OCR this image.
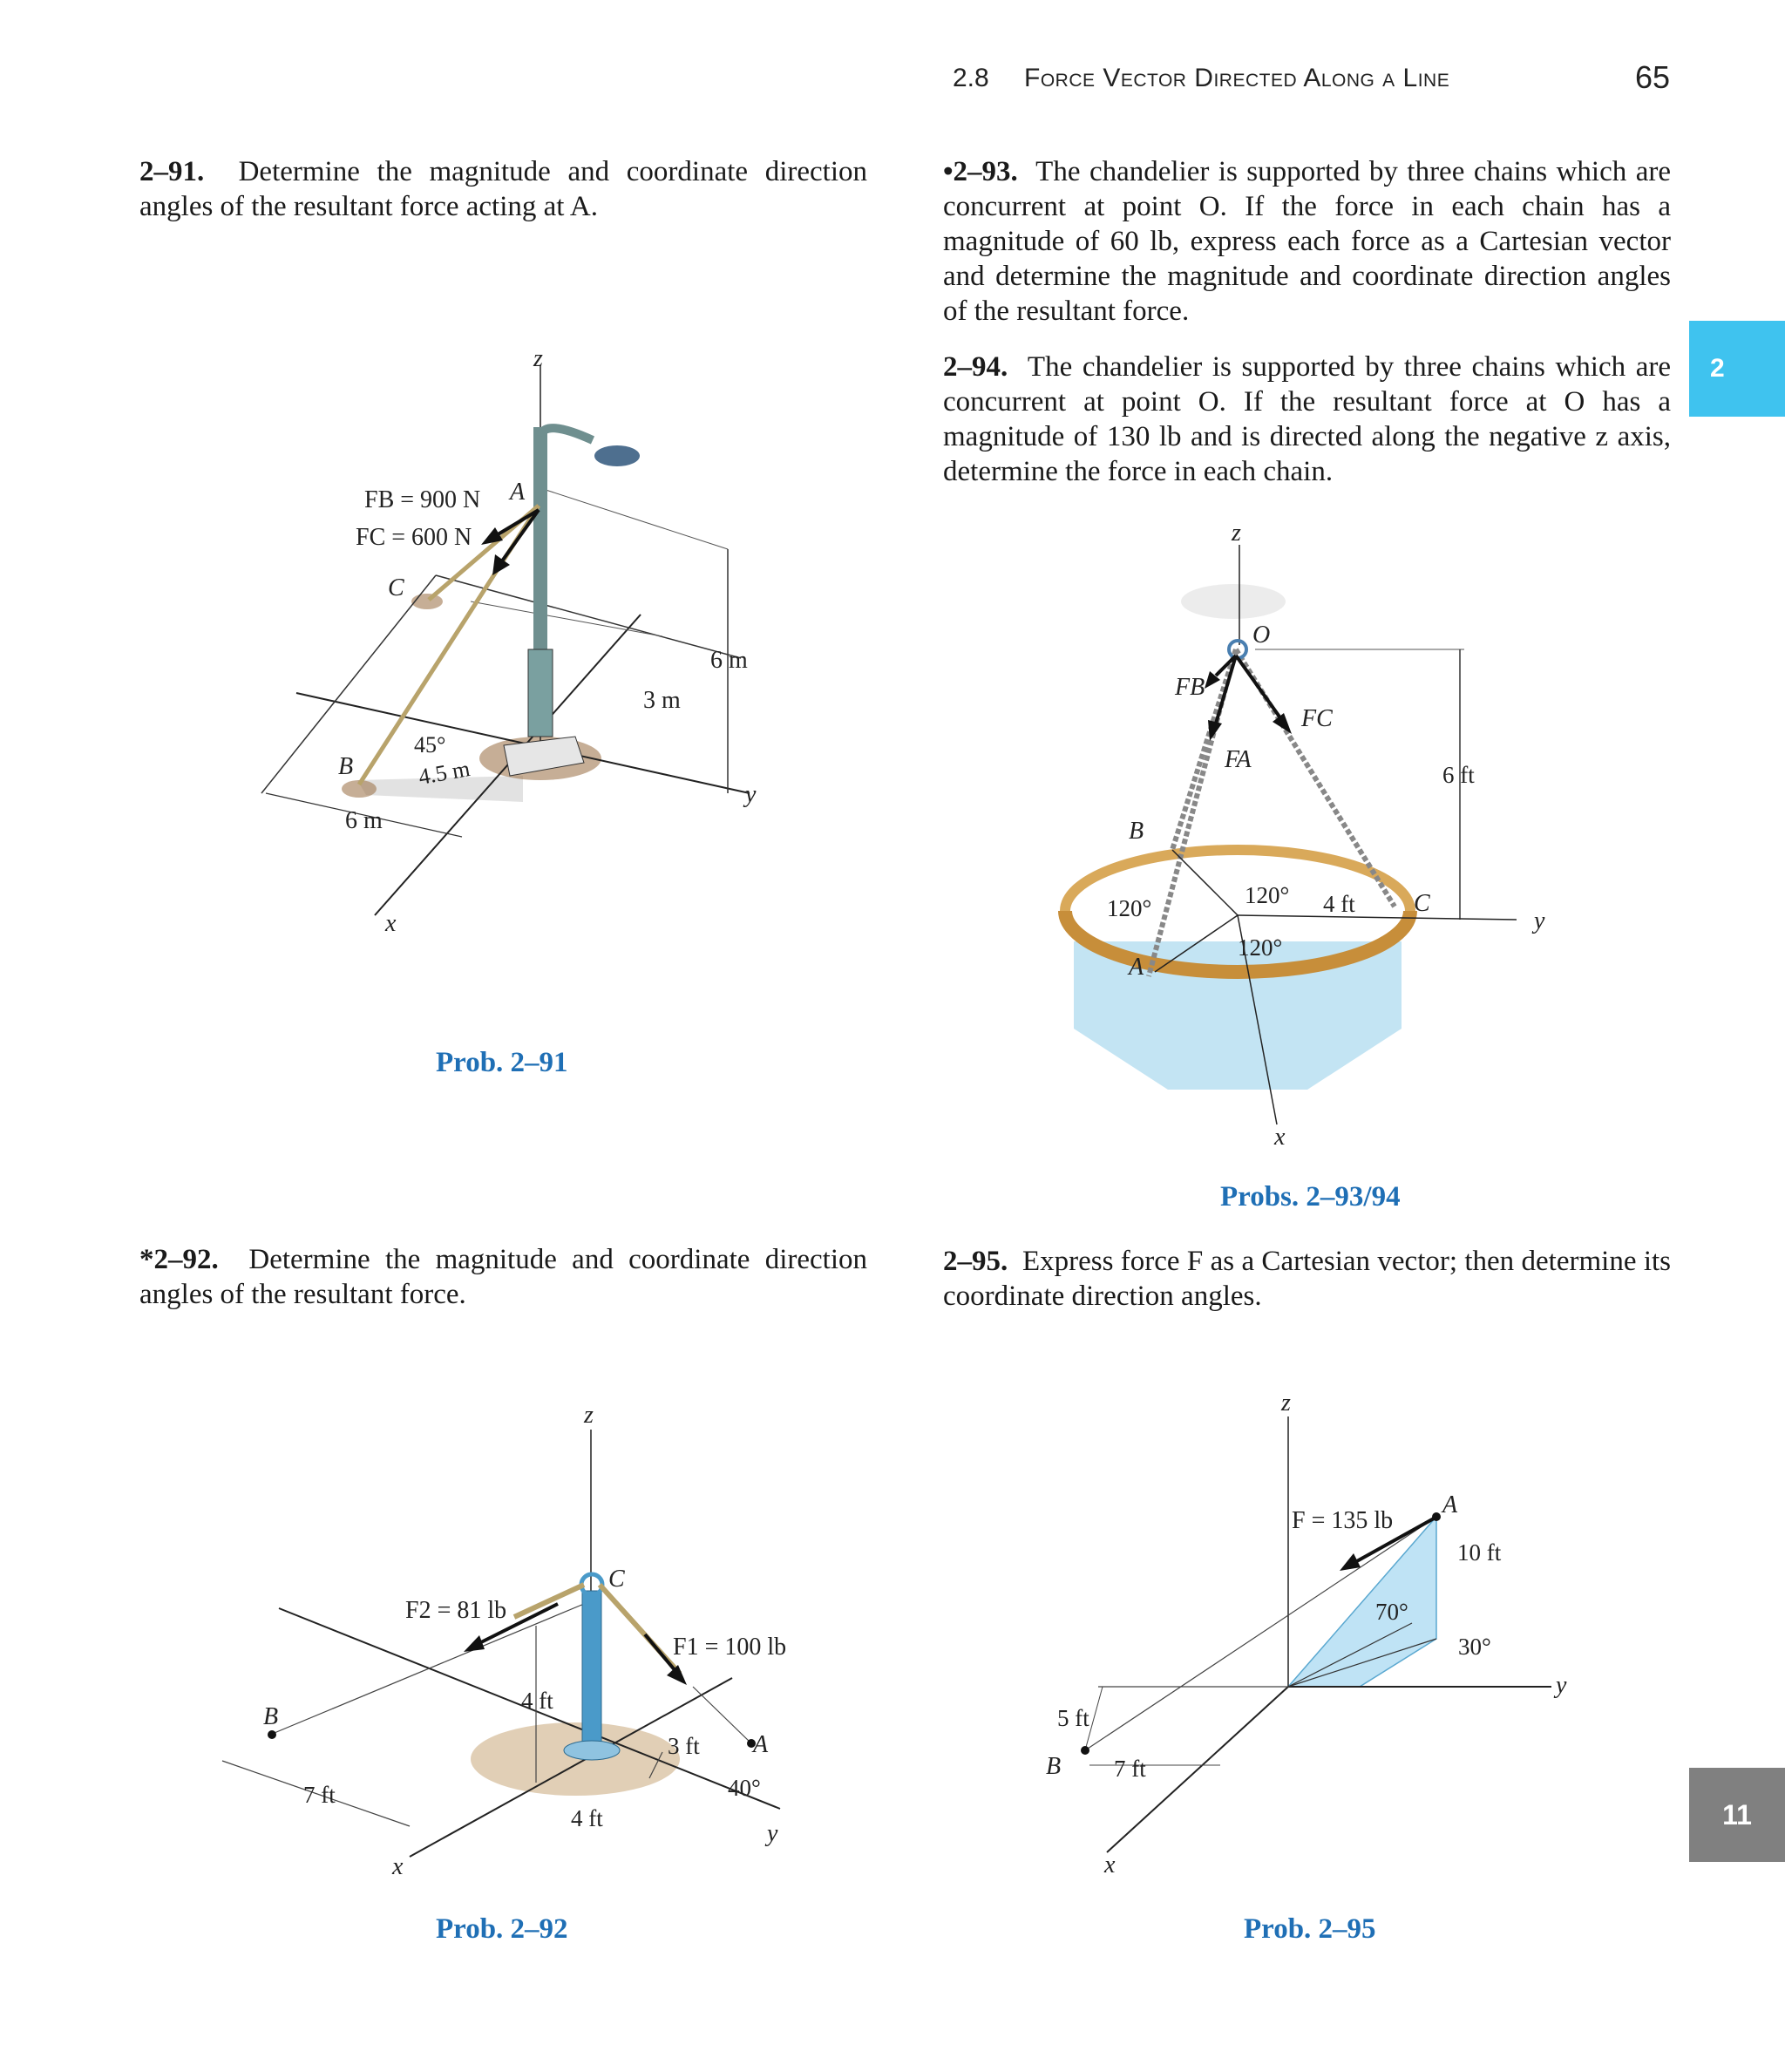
2.8 Force Vector Directed Along a Line	65
2
11
2–91. Determine the magnitude and coordinate direction angles of the resultant force acting at A.
•2–93. The chandelier is supported by three chains which are concurrent at point O. If the force in each chain has a magnitude of 60 lb, express each force as a Cartesian vector and determine the magnitude and coordinate direction angles of the resultant force.
2–94. The chandelier is supported by three chains which are concurrent at point O. If the resultant force at O has a magnitude of 130 lb and is directed along the negative z axis, determine the force in each chain.
*2–92. Determine the magnitude and coordinate direction angles of the resultant force.
2–95. Express force F as a Cartesian vector; then determine its coordinate direction angles.
z
y
x
FB = 900 N
FC = 600 N
A
C
B
45°
4.5 m
6 m
3 m
6 m
Prob. 2–91
z
y
x
O
FB
FA
FC
B
A
C
120°	120°
120°
4 ft
6 ft
Probs. 2–93/94
z
y
x
F2 = 81 lb
F1 = 100 lb
C
A
B
4 ft
3 ft
4 ft
7 ft	40°
Prob. 2–92
z
y
x
F = 135 lb
A
B
10 ft
5 ft
7 ft
70°
30°
Prob. 2–95
